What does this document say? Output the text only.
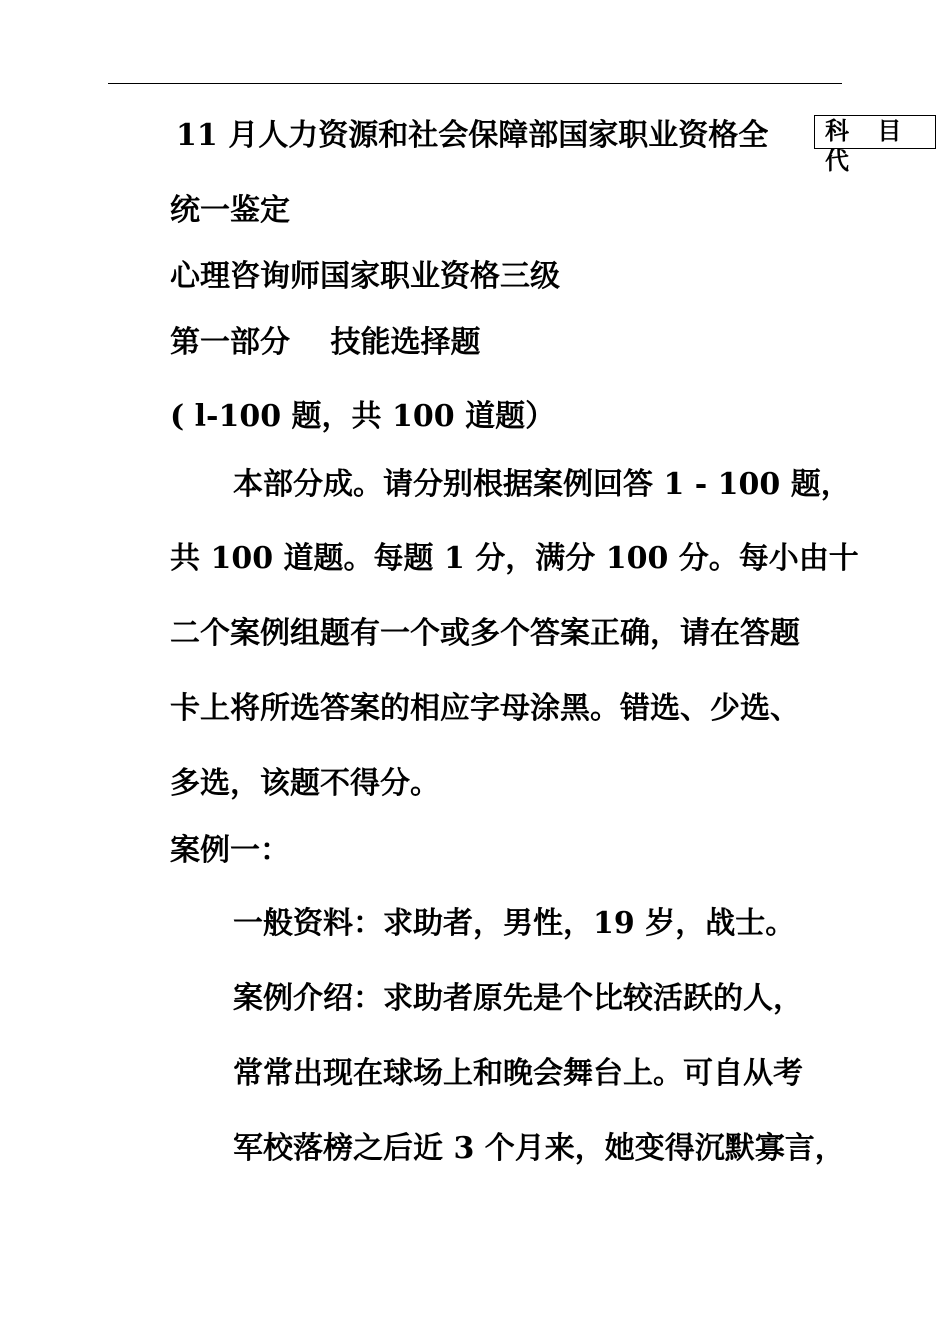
11 月人力资源和社会保障部国家职业资格全	科 目 代
统一鉴定
心理咨询师国家职业资格三级
第一部分　 技能选择题
( l-100 题，共 100 道题）
本部分成。请分别根据案例回答 1 - 100 题，
共 100 道题。每题 1 分，满分 100 分。每小由十
二个案例组题有一个或多个答案正确，请在答题
卡上将所选答案的相应字母涂黑。错选、少选、
多选，该题不得分。
案例一：
一般资料：求助者，男性，19 岁，战士。
案例介绍：求助者原先是个比较活跃的人，
常常出现在球场上和晚会舞台上。可自从考
军校落榜之后近 3 个月来，她变得沉默寡言，
